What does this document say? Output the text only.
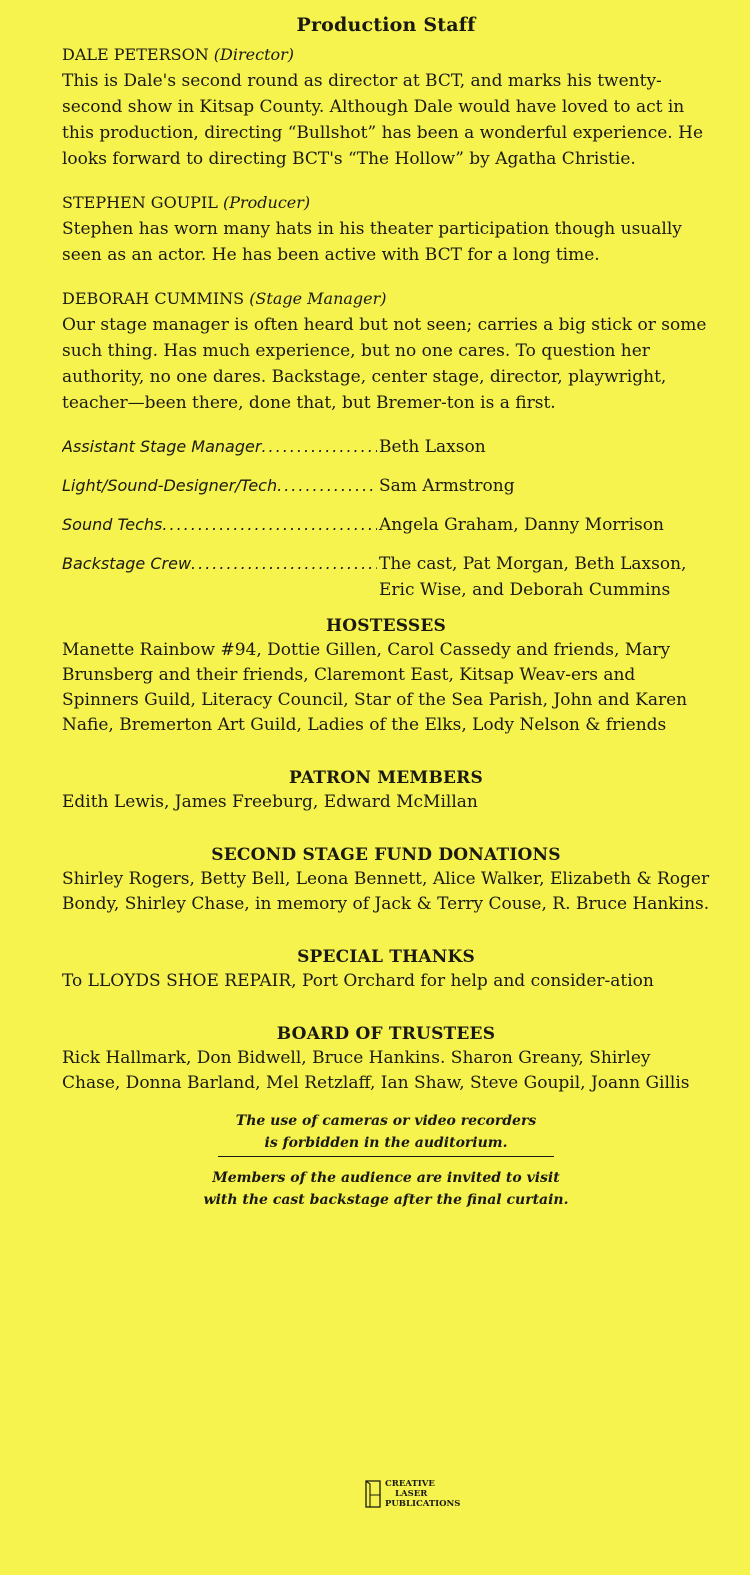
Production Staff
DALE PETERSON (Director)
This is Dale's second round as director at BCT, and marks his twenty-second show in Kitsap County. Although Dale would have loved to act in this production, directing “Bullshot” has been a wonderful experience. He looks forward to directing BCT's “The Hollow” by Agatha Christie.
STEPHEN GOUPIL (Producer)
Stephen has worn many hats in his theater participation though usually seen as an actor. He has been active with BCT for a long time.
DEBORAH CUMMINS (Stage Manager)
Our stage manager is often heard but not seen; carries a big stick or some such thing. Has much experience, but no one cares. To question her authority, no one dares. Backstage, center stage, director, playwright, teacher—been there, done that, but Bremer-ton is a first.
Assistant Stage Manager .....	Beth Laxson
Light/Sound-Designer/Tech .....	Sam Armstrong
Sound Techs .....	Angela Graham, Danny Morrison
Backstage Crew .....	The cast, Pat Morgan, Beth Laxson, Eric Wise, and Deborah Cummins
HOSTESSES
Manette Rainbow #94, Dottie Gillen, Carol Cassedy and friends, Mary Brunsberg and their friends, Claremont East, Kitsap Weav-ers and Spinners Guild, Literacy Council, Star of the Sea Parish, John and Karen Nafie, Bremerton Art Guild, Ladies of the Elks, Lody Nelson & friends
PATRON MEMBERS
Edith Lewis, James Freeburg, Edward McMillan
SECOND STAGE FUND DONATIONS
Shirley Rogers, Betty Bell, Leona Bennett, Alice Walker, Elizabeth & Roger Bondy, Shirley Chase, in memory of Jack & Terry Couse, R. Bruce Hankins.
SPECIAL THANKS
To LLOYDS SHOE REPAIR, Port Orchard for help and consider-ation
BOARD OF TRUSTEES
Rick Hallmark, Don Bidwell, Bruce Hankins. Sharon Greany, Shirley Chase, Donna Barland, Mel Retzlaff, Ian Shaw, Steve Goupil, Joann Gillis
The use of cameras or video recorders
is forbidden in the auditorium.
Members of the audience are invited to visit
with the cast backstage after the final curtain.
CREATIVE
LASER
PUBLICATIONS
